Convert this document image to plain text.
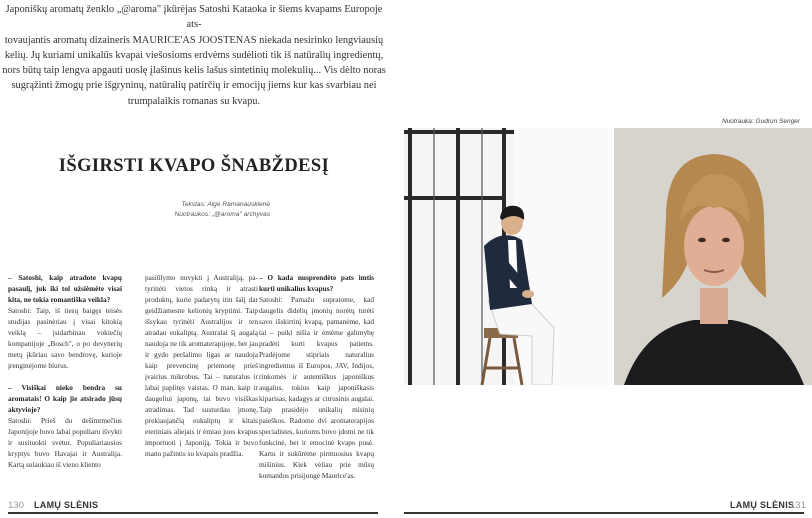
Japoniškų aromatų ženklo „@aroma" įkūrėjas Satoshi Kataoka ir šiems kvapams Europoje ats-
tovaujantis aromatų dizaineris MAURICE'AS JOOSTENAS niekada nesirinko lengviausių
kelių. Jų kuriami unikalūs kvapai viešosioms erdvėms sudėlioti tik iš natūralių ingredientų,
nors būtų taip lengva apgauti uoslę įlašinus kelis lašus sintetinių molekulių... Vis dėlto noras
sugrąžinti žmogų prie išgryninų, natūralių patirčių ir emocijų jiems kur kas svarbiau nei
trumpalaikis romanas su kvapu.
IŠGIRSTI KVAPO ŠNABŽDESĮ
Tekstas: Algė Ramanauskienė
Nuotraukos: „@aroma" archyvas

– Satoshi, kaip atradote kvapų pasaulį, juk iki tol užsiėmėte visai kita, ne tokia romantiška veikla?

Satoshi: Taip, iš tiesų baigęs teisės studijas pasinėriau į visai kitokią veiklą – įsidarbinau vokiečių kompanijoje „Bosch", o po devynerių metų įkūriau savo bendrovę, kurioje įrenginėjome biurus.

– Visiškai nieko bendra su aromatais! O kaip jie atsirado jūsų aktyvioje?

Satoshi: Prieš du dešimtmečius Japonijoje buvo labai populiaru išvykti ir susituokti svetur. Populiariausios kryptys buvo Havajai ir Australija. Kartą sulaukiau iš vieno kliento

pasiūlymo nuvykti į Australiją, patyrinėti vietos rinką ir atrasti produktų, kurie padarytų itin šalį dar geidžiamesne kelionių kryptimi. Taip išsykau tyrinėti Australijos ir ten atradau eukaliptą. Australai šį augalą naudoja ne tik aromaterapijoje, bet jau ir gydo peršalimo ligas ar naudoja kaip prevencinę priemonę prieš įvairius mikrobus. Tai – naturalus ir labai paplitęs vaistas. O man, kaip ir daugeliui japonų, tai buvo visiškas atradimas. Tad susturdau įmonę, prekiaujančią eukaliptų ir kitais eteriniais aliejais ir ėmiau juos kvapus importuoti į Japoniją. Tokia ir buvo mano pažintis su kvapais pradžia.

– O kada nusprendėte pats imtis kurti unikalius kvapus?

Satoshi: Pamažu supratome, kad daugelis didelių įmonių norėtų turėti savo išskirtinį kvapą, pamanėme, kad tai – puiki nišia ir ėmėme galimybę pradėti kurti kvapus patiems. Pradėjome stipriais naturalius ingredientus iš Europos, JAV, Indijos, rinkomės ir autentiškus japoniškus augalus, tokius kaip japoniškasis kiparisas, kadagys ar citrusinis augalai. Taip prasidėjo unikalių misinių paieškos. Radome dvi aromaterapijos specialistes, kurioms buvo įdomi ne tik funkcinė, bet ir emocinė kvapo pusė. Kartu ir sukūrėme pirmuosius kvapų mišinius. Kiek vėliau prie mūsų komandos prisijungė Maurice'as.

Nuotrauka: Gudrun Senger
130 LAMŲ SLĖNIS	LAMŲ SLĖNIS
131
